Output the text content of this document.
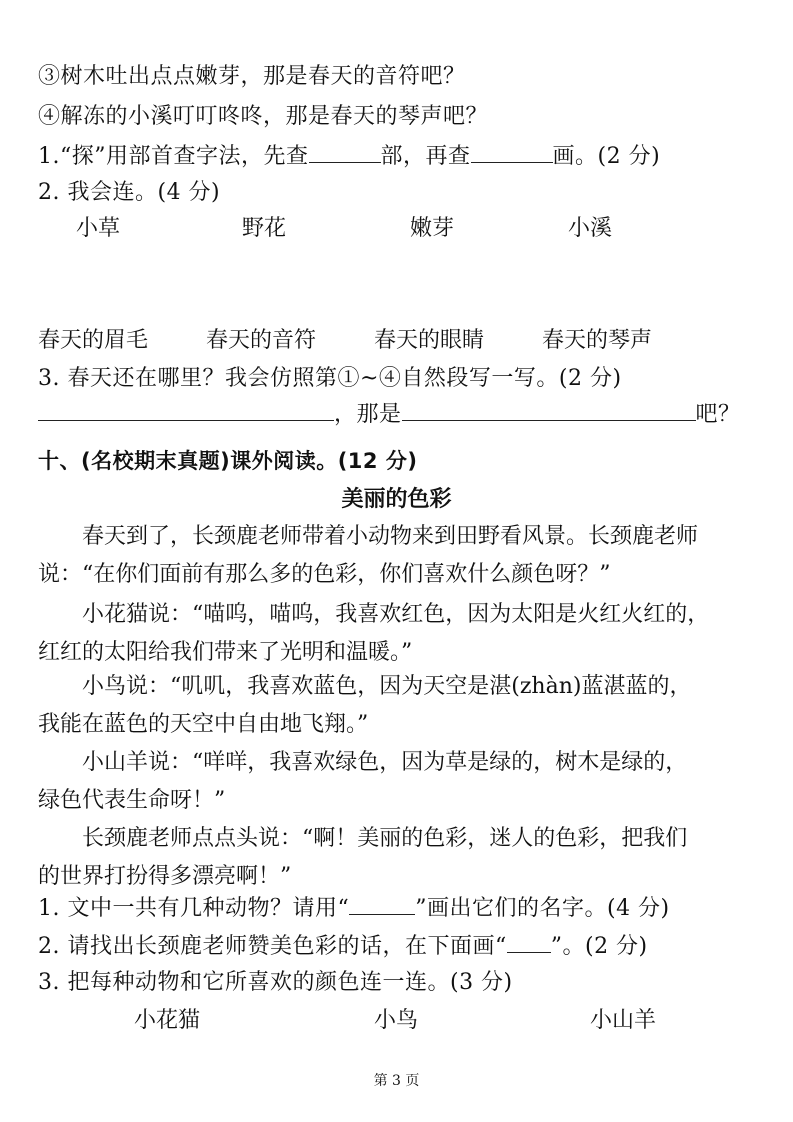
③树木吐出点点嫩芽，那是春天的音符吧？
④解冻的小溪叮叮咚咚，那是春天的琴声吧？
1.“探”用部首查字法，先查	部，再查	画。(2 分)
2. 我会连。(4 分)
小草	野花	嫩芽	小溪
春天的眉毛	春天的音符	春天的眼睛	春天的琴声
3. 春天还在哪里？我会仿照第①~④自然段写一写。(2 分)
，那是	吧？
十、(名校期末真题)课外阅读。(12 分)
美丽的色彩
春天到了，长颈鹿老师带着小动物来到田野看风景。长颈鹿老师
说：“在你们面前有那么多的色彩，你们喜欢什么颜色呀？”
小花猫说：“喵呜，喵呜，我喜欢红色，因为太阳是火红火红的，
红红的太阳给我们带来了光明和温暖。”
小鸟说：“叽叽，我喜欢蓝色，因为天空是湛(zhàn)蓝湛蓝的，
我能在蓝色的天空中自由地飞翔。”
小山羊说：“咩咩，我喜欢绿色，因为草是绿的，树木是绿的，
绿色代表生命呀！”
长颈鹿老师点点头说：“啊！美丽的色彩，迷人的色彩，把我们
的世界打扮得多漂亮啊！”
1. 文中一共有几种动物？请用“	”画出它们的名字。(4 分)
2. 请找出长颈鹿老师赞美色彩的话，在下面画“ ”。(2 分)
3. 把每种动物和它所喜欢的颜色连一连。(3 分)
小花猫	小鸟	小山羊
第 3 页
